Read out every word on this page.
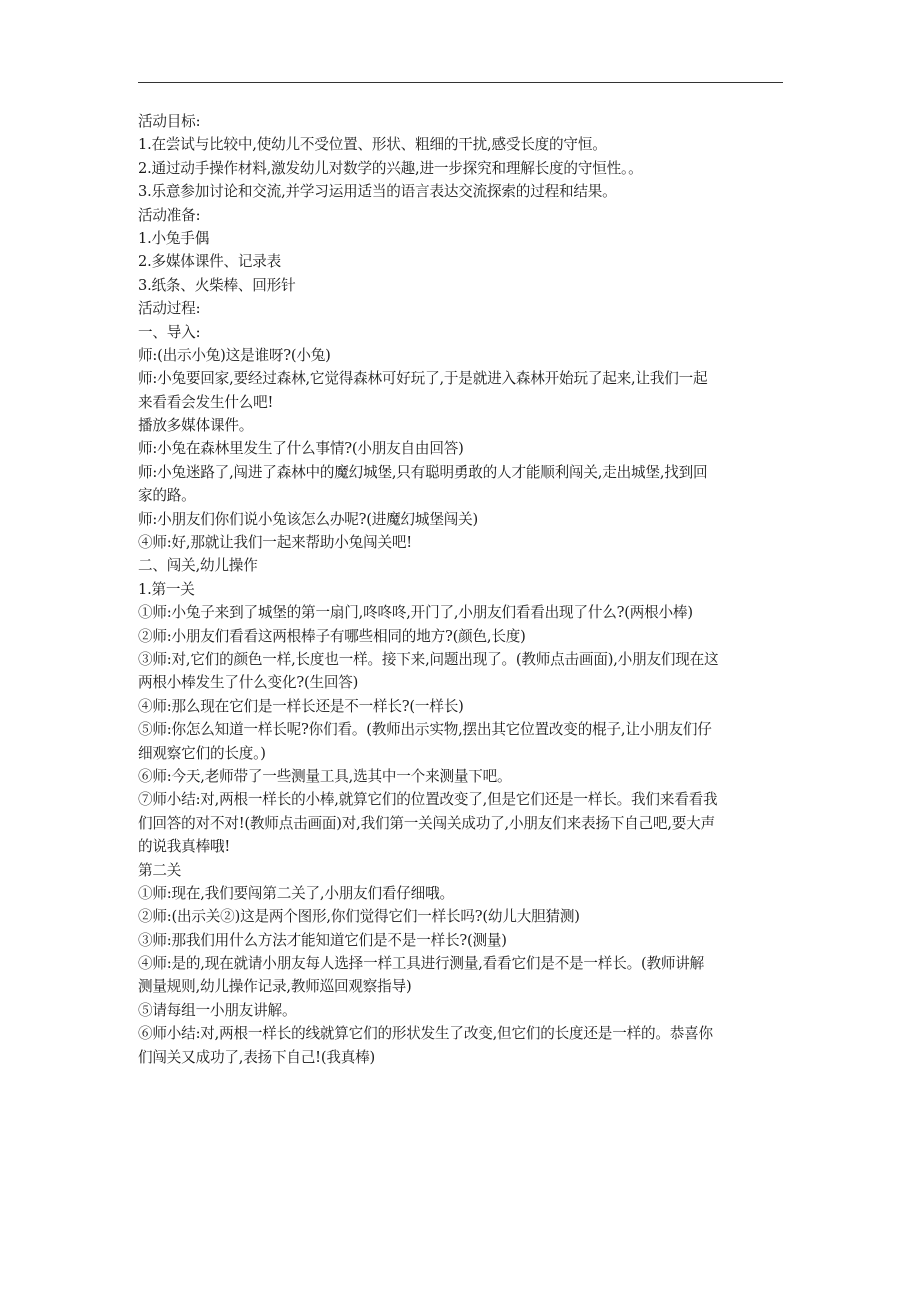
活动目标:
1.在尝试与比较中,使幼儿不受位置、形状、粗细的干扰,感受长度的守恒。
2.通过动手操作材料,激发幼儿对数学的兴趣,进一步探究和理解长度的守恒性。。
3.乐意参加讨论和交流,并学习运用适当的语言表达交流探索的过程和结果。
活动准备:
1.小兔手偶
2.多媒体课件、记录表
3.纸条、火柴棒、回形针
活动过程:
一、导入:
师:(出示小兔)这是谁呀?(小兔)
师:小兔要回家,要经过森林,它觉得森林可好玩了,于是就进入森林开始玩了起来,让我们一起
来看看会发生什么吧!
播放多媒体课件。
师:小兔在森林里发生了什么事情?(小朋友自由回答)
师:小兔迷路了,闯进了森林中的魔幻城堡,只有聪明勇敢的人才能顺利闯关,走出城堡,找到回
家的路。
师:小朋友们你们说小兔该怎么办呢?(进魔幻城堡闯关)
④师:好,那就让我们一起来帮助小兔闯关吧!
二、闯关,幼儿操作
1.第一关
①师:小兔子来到了城堡的第一扇门,咚咚咚,开门了,小朋友们看看出现了什么?(两根小棒)
②师:小朋友们看看这两根棒子有哪些相同的地方?(颜色,长度)
③师:对,它们的颜色一样,长度也一样。接下来,问题出现了。(教师点击画面),小朋友们现在这
两根小棒发生了什么变化?(生回答)
④师:那么现在它们是一样长还是不一样长?(一样长)
⑤师:你怎么知道一样长呢?你们看。(教师出示实物,摆出其它位置改变的棍子,让小朋友们仔
细观察它们的长度。)
⑥师:今天,老师带了一些测量工具,选其中一个来测量下吧。
⑦师小结:对,两根一样长的小棒,就算它们的位置改变了,但是它们还是一样长。我们来看看我
们回答的对不对!(教师点击画面)对,我们第一关闯关成功了,小朋友们来表扬下自己吧,要大声
的说我真棒哦!
第二关
①师:现在,我们要闯第二关了,小朋友们看仔细哦。
②师:(出示关②)这是两个图形,你们觉得它们一样长吗?(幼儿大胆猜测)
③师:那我们用什么方法才能知道它们是不是一样长?(测量)
④师:是的,现在就请小朋友每人选择一样工具进行测量,看看它们是不是一样长。(教师讲解
测量规则,幼儿操作记录,教师巡回观察指导)
⑤请每组一小朋友讲解。
⑥师小结:对,两根一样长的线就算它们的形状发生了改变,但它们的长度还是一样的。恭喜你
们闯关又成功了,表扬下自己!(我真棒)
